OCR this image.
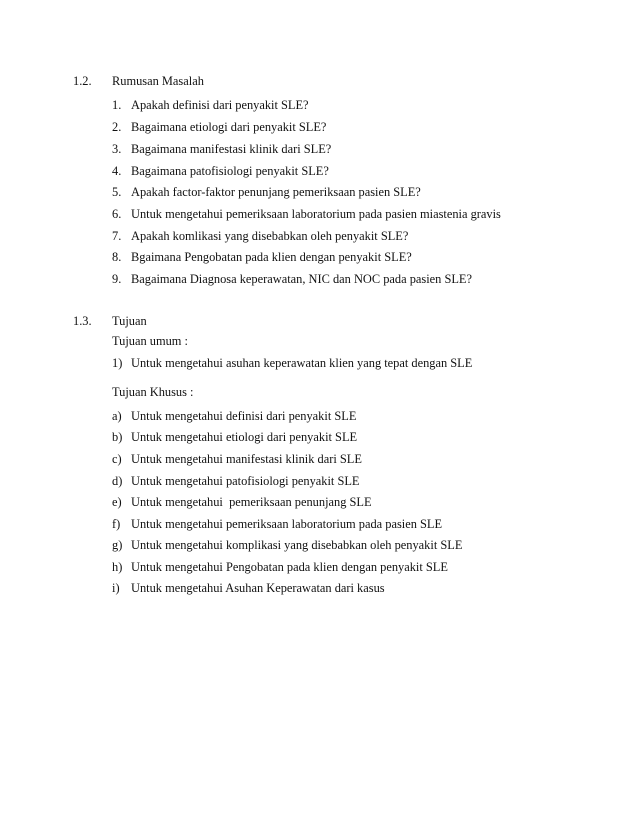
1.2. Rumusan Masalah
1. Apakah definisi dari penyakit SLE?
2. Bagaimana etiologi dari penyakit SLE?
3. Bagaimana manifestasi klinik dari SLE?
4. Bagaimana patofisiologi penyakit SLE?
5. Apakah factor-faktor penunjang pemeriksaan pasien SLE?
6. Untuk mengetahui pemeriksaan laboratorium pada pasien miastenia gravis
7. Apakah komlikasi yang disebabkan oleh penyakit SLE?
8. Bgaimana Pengobatan pada klien dengan penyakit SLE?
9. Bagaimana Diagnosa keperawatan, NIC dan NOC pada pasien SLE?
1.3. Tujuan
Tujuan umum :
1) Untuk mengetahui asuhan keperawatan klien yang tepat dengan SLE
Tujuan Khusus :
a) Untuk mengetahui definisi dari penyakit SLE
b) Untuk mengetahui etiologi dari penyakit SLE
c) Untuk mengetahui manifestasi klinik dari SLE
d) Untuk mengetahui patofisiologi penyakit SLE
e) Untuk mengetahui  pemeriksaan penunjang SLE
f) Untuk mengetahui pemeriksaan laboratorium pada pasien SLE
g) Untuk mengetahui komplikasi yang disebabkan oleh penyakit SLE
h) Untuk mengetahui Pengobatan pada klien dengan penyakit SLE
i) Untuk mengetahui Asuhan Keperawatan dari kasus
